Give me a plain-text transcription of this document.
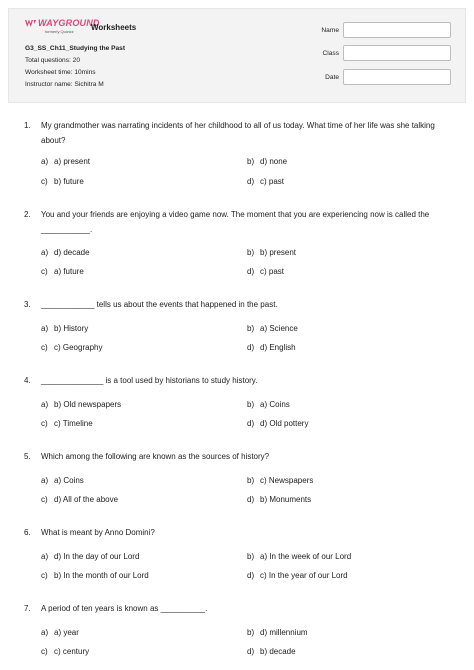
WAYGROUND
formerly Quizizz	Worksheets
G3_SS_Ch11_Studying the Past
Total questions: 20
Worksheet time: 10mins
Instructor name: Sichitra M
Name
Class
Date
1. My grandmother was narrating incidents of her childhood to all of us today. What time of her life was she talking about?
a) a) present	b) d) none
c) b) future	d) c) past
2. You and your friends are enjoying a video game now. The moment that you are experiencing now is called the ___________.
a) d) decade	b) b) present
c) a) future	d) c) past
3. ____________ tells us about the events that happened in the past.
a) b) History	b) a) Science
c) c) Geography	d) d) English
4. ______________ is a tool used by historians to study history.
a) b) Old newspapers	b) a) Coins
c) c) Timeline	d) d) Old pottery
5. Which among the following are known as the sources of history?
a) a) Coins	b) c) Newspapers
c) d) All of the above	d) b) Monuments
6. What is meant by Anno Domini?
a) d) In the day of our Lord	b) a) In the week of our Lord
c) b) In the month of our Lord	d) c) In the year of our Lord
7. A period of ten years is known as __________.
a) a) year	b) d) millennium
c) c) century	d) b) decade
